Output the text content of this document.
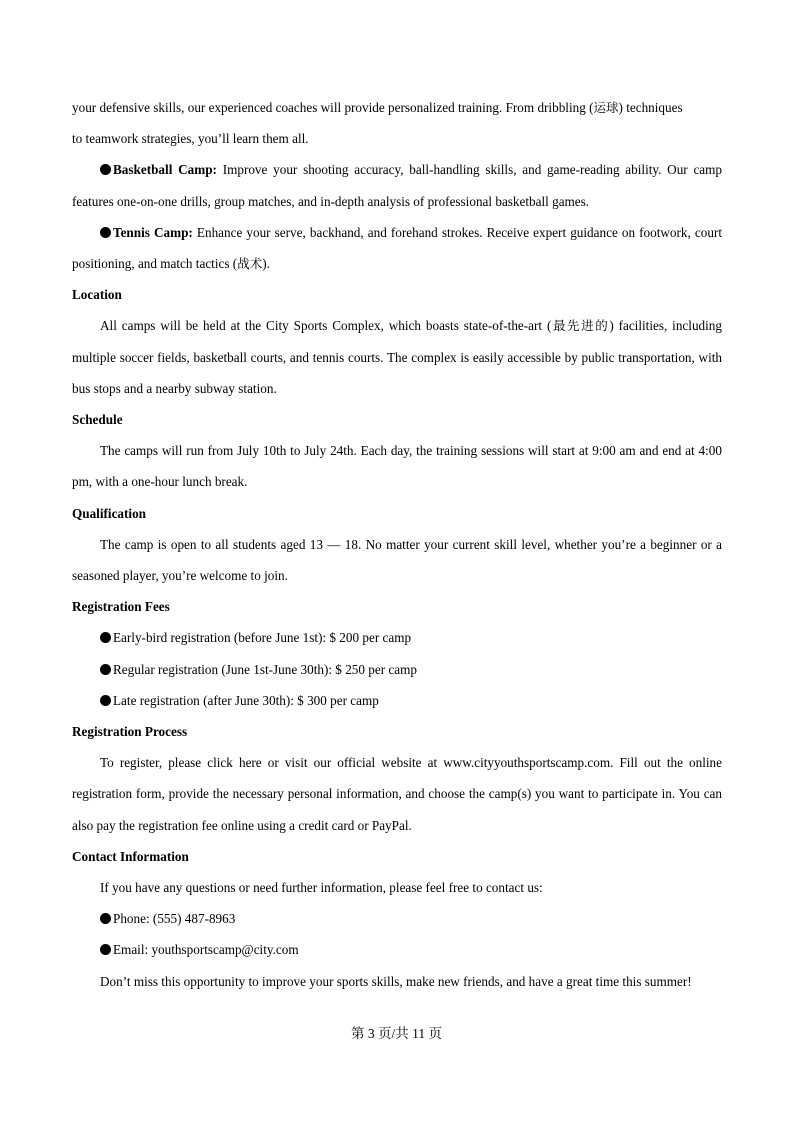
your defensive skills, our experienced coaches will provide personalized training. From dribbling (运球) techniques
to teamwork strategies, you’ll learn them all.

Basketball Camp: Improve your shooting accuracy, ball-handling skills, and game-reading ability. Our camp features one-on-one drills, group matches, and in-depth analysis of professional basketball games.

Tennis Camp: Enhance your serve, backhand, and forehand strokes. Receive expert guidance on footwork, court positioning, and match tactics (战术).

Location

All camps will be held at the City Sports Complex, which boasts state-of-the-art (最先进的) facilities, including multiple soccer fields, basketball courts, and tennis courts. The complex is easily accessible by public transportation, with bus stops and a nearby subway station.

Schedule

The camps will run from July 10th to July 24th. Each day, the training sessions will start at 9:00 am and end at 4:00 pm, with a one-hour lunch break.

Qualification

The camp is open to all students aged 13 — 18. No matter your current skill level, whether you’re a beginner or a seasoned player, you’re welcome to join.

Registration Fees

Early-bird registration (before June 1st): $ 200 per camp

Regular registration (June 1st-June 30th): $ 250 per camp

Late registration (after June 30th): $ 300 per camp

Registration Process

To register, please click here or visit our official website at www.cityyouthsportscamp.com. Fill out the online registration form, provide the necessary personal information, and choose the camp(s) you want to participate in. You can also pay the registration fee online using a credit card or PayPal.

Contact Information

If you have any questions or need further information, please feel free to contact us:

Phone: (555) 487-8963

Email: youthsportscamp@city.com

Don’t miss this opportunity to improve your sports skills, make new friends, and have a great time this summer!

第 3 页/共 11 页
